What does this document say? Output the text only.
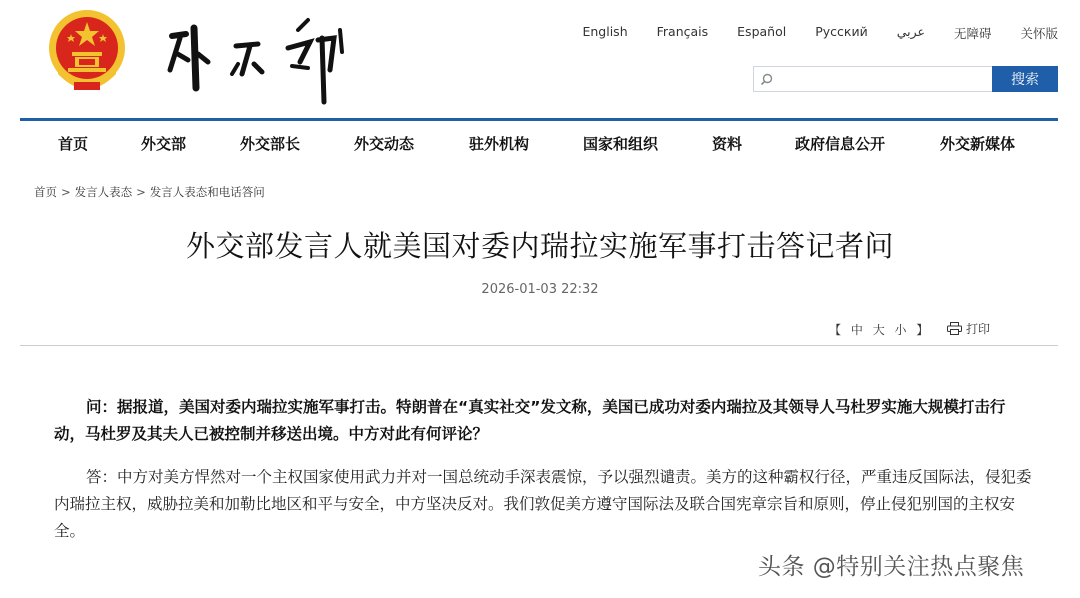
English Français Español Русский عربي 无障碍 关怀版
搜索
首页	外交部	外交部长	外交动态	驻外机构	国家和组织	资料	政府信息公开	外交新媒体
首页 > 发言人表态 > 发言人表态和电话答问
外交部发言人就美国对委内瑞拉实施军事打击答记者问
2026-01-03 22:32
【 中 大 小 】	打印

问：据报道，美国对委内瑞拉实施军事打击。特朗普在“真实社交”发文称，美国已成功对委内瑞拉及其领导人马杜罗实施大规模打击行动，马杜罗及其夫人已被控制并移送出境。中方对此有何评论？

答：中方对美方悍然对一个主权国家使用武力并对一国总统动手深表震惊，予以强烈谴责。美方的这种霸权行径，严重违反国际法，侵犯委内瑞拉主权，威胁拉美和加勒比地区和平与安全，中方坚决反对。我们敦促美方遵守国际法及联合国宪章宗旨和原则，停止侵犯别国的主权安全。

头条 @特别关注热点聚焦
